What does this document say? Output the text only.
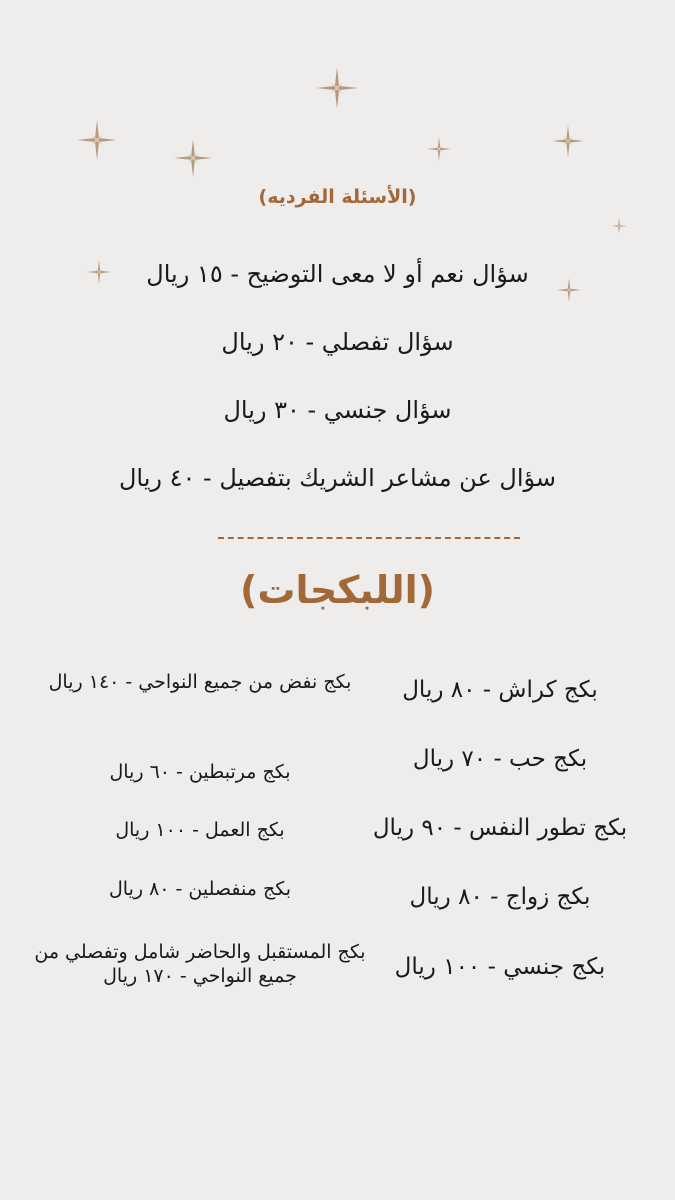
(الأسئلة الفرديه)
سؤال نعم أو لا معى التوضيح - ١٥ ريال
سؤال تفصلي - ٢٠ ريال
سؤال جنسي - ٣٠ ريال
سؤال عن مشاعر الشريك بتفصيل - ٤٠ ريال
(اللبكجات)
بكج كراش - ٨٠ ريال
بكج حب - ٧٠ ريال
بكج تطور النفس - ٩٠ ريال
بكج زواج - ٨٠ ريال
بكج جنسي - ١٠٠ ريال
بكج نفض من جميع النواحي - ١٤٠ ريال
بكج مرتبطين - ٦٠ ريال
بكج العمل - ١٠٠ ريال
بكج منفصلين - ٨٠ ريال
بكج المستقبل والحاضر شامل وتفصلي من جميع النواحي - ١٧٠ ريال
